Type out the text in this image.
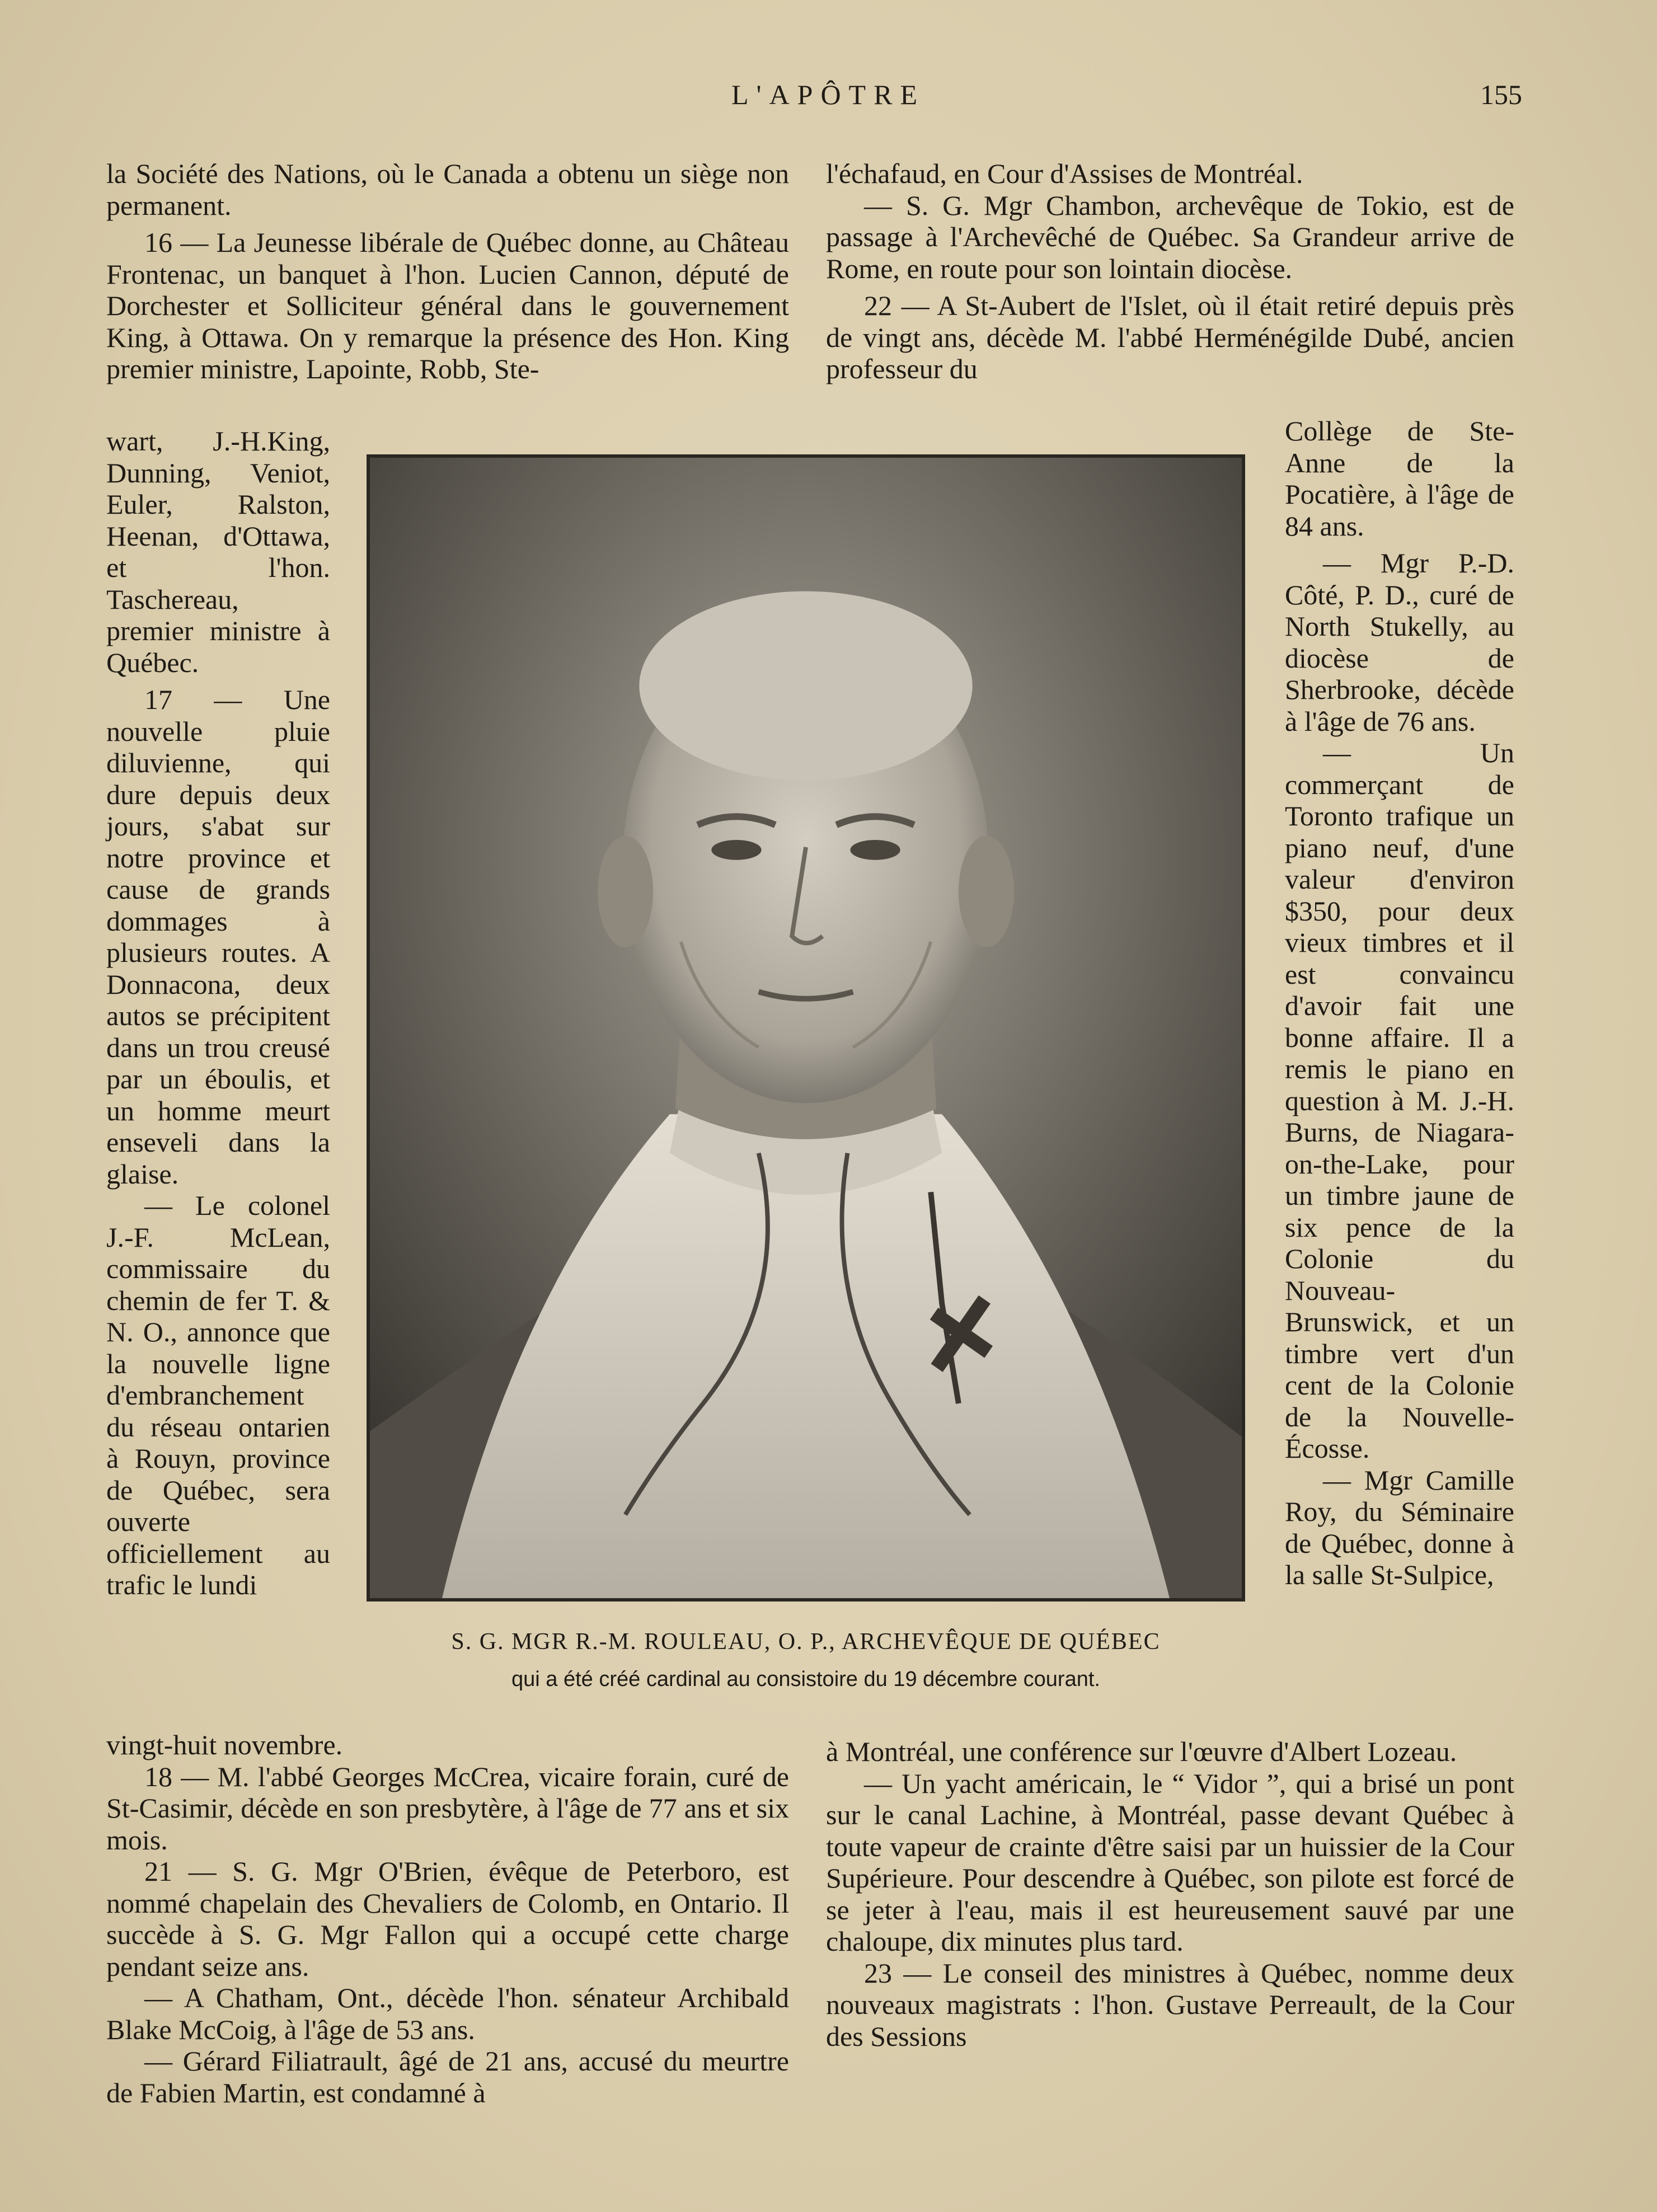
L'APÔTRE	155

la Société des Nations, où le Canada a obtenu un siège non permanent.

16 — La Jeunesse libérale de Québec donne, au Château Frontenac, un banquet à l'hon. Lucien Cannon, député de Dorchester et Solliciteur général dans le gouvernement King, à Ottawa. On y remarque la présence des Hon. King premier ministre, Lapointe, Robb, Ste-

wart, J.-H.King, Dunning, Veniot, Euler, Ralston, Heenan, d'Ottawa, et l'hon. Taschereau, premier ministre à Québec.

17 — Une nouvelle pluie diluvienne, qui dure depuis deux jours, s'abat sur notre province et cause de grands dommages à plusieurs routes. A Donnacona, deux autos se précipitent dans un trou creusé par un éboulis, et un homme meurt enseveli dans la glaise.

— Le colonel J.-F. McLean, commissaire du chemin de fer T. & N. O., annonce que la nouvelle ligne d'embranchement du réseau ontarien à Rouyn, province de Québec, sera ouverte officiellement au trafic le lundi

vingt-huit novembre.

18 — M. l'abbé Georges McCrea, vicaire forain, curé de St-Casimir, décède en son presbytère, à l'âge de 77 ans et six mois.

21 — S. G. Mgr O'Brien, évêque de Peterboro, est nommé chapelain des Chevaliers de Colomb, en Ontario. Il succède à S. G. Mgr Fallon qui a occupé cette charge pendant seize ans.

— A Chatham, Ont., décède l'hon. sénateur Archibald Blake McCoig, à l'âge de 53 ans.

— Gérard Filiatrault, âgé de 21 ans, accusé du meurtre de Fabien Martin, est condamné à

l'échafaud, en Cour d'Assises de Montréal.

— S. G. Mgr Chambon, archevêque de Tokio, est de passage à l'Archevêché de Québec. Sa Grandeur arrive de Rome, en route pour son lointain diocèse.

22 — A St-Aubert de l'Islet, où il était retiré depuis près de vingt ans, décède M. l'abbé Herménégilde Dubé, ancien professeur du

Collège de Ste-Anne de la Pocatière, à l'âge de 84 ans.

— Mgr P.-D. Côté, P. D., curé de North Stukelly, au diocèse de Sherbrooke, décède à l'âge de 76 ans.

— Un commerçant de Toronto trafique un piano neuf, d'une valeur d'environ $350, pour deux vieux timbres et il est convaincu d'avoir fait une bonne affaire. Il a remis le piano en question à M. J.-H. Burns, de Niagara-on-the-Lake, pour un timbre jaune de six pence de la Colonie du Nouveau-Brunswick, et un timbre vert d'un cent de la Colonie de la Nouvelle-Écosse.

— Mgr Camille Roy, du Séminaire de Québec, donne à la salle St-Sulpice,

à Montréal, une conférence sur l'œuvre d'Albert Lozeau.

— Un yacht américain, le “ Vidor ”, qui a brisé un pont sur le canal Lachine, à Montréal, passe devant Québec à toute vapeur de crainte d'être saisi par un huissier de la Cour Supérieure. Pour descendre à Québec, son pilote est forcé de se jeter à l'eau, mais il est heureusement sauvé par une chaloupe, dix minutes plus tard.

23 — Le conseil des ministres à Québec, nomme deux nouveaux magistrats : l'hon. Gustave Perreault, de la Cour des Sessions

S. G. MGR R.-M. ROULEAU, O. P., ARCHEVÊQUE DE QUÉBEC
qui a été créé cardinal au consistoire du 19 décembre courant.
